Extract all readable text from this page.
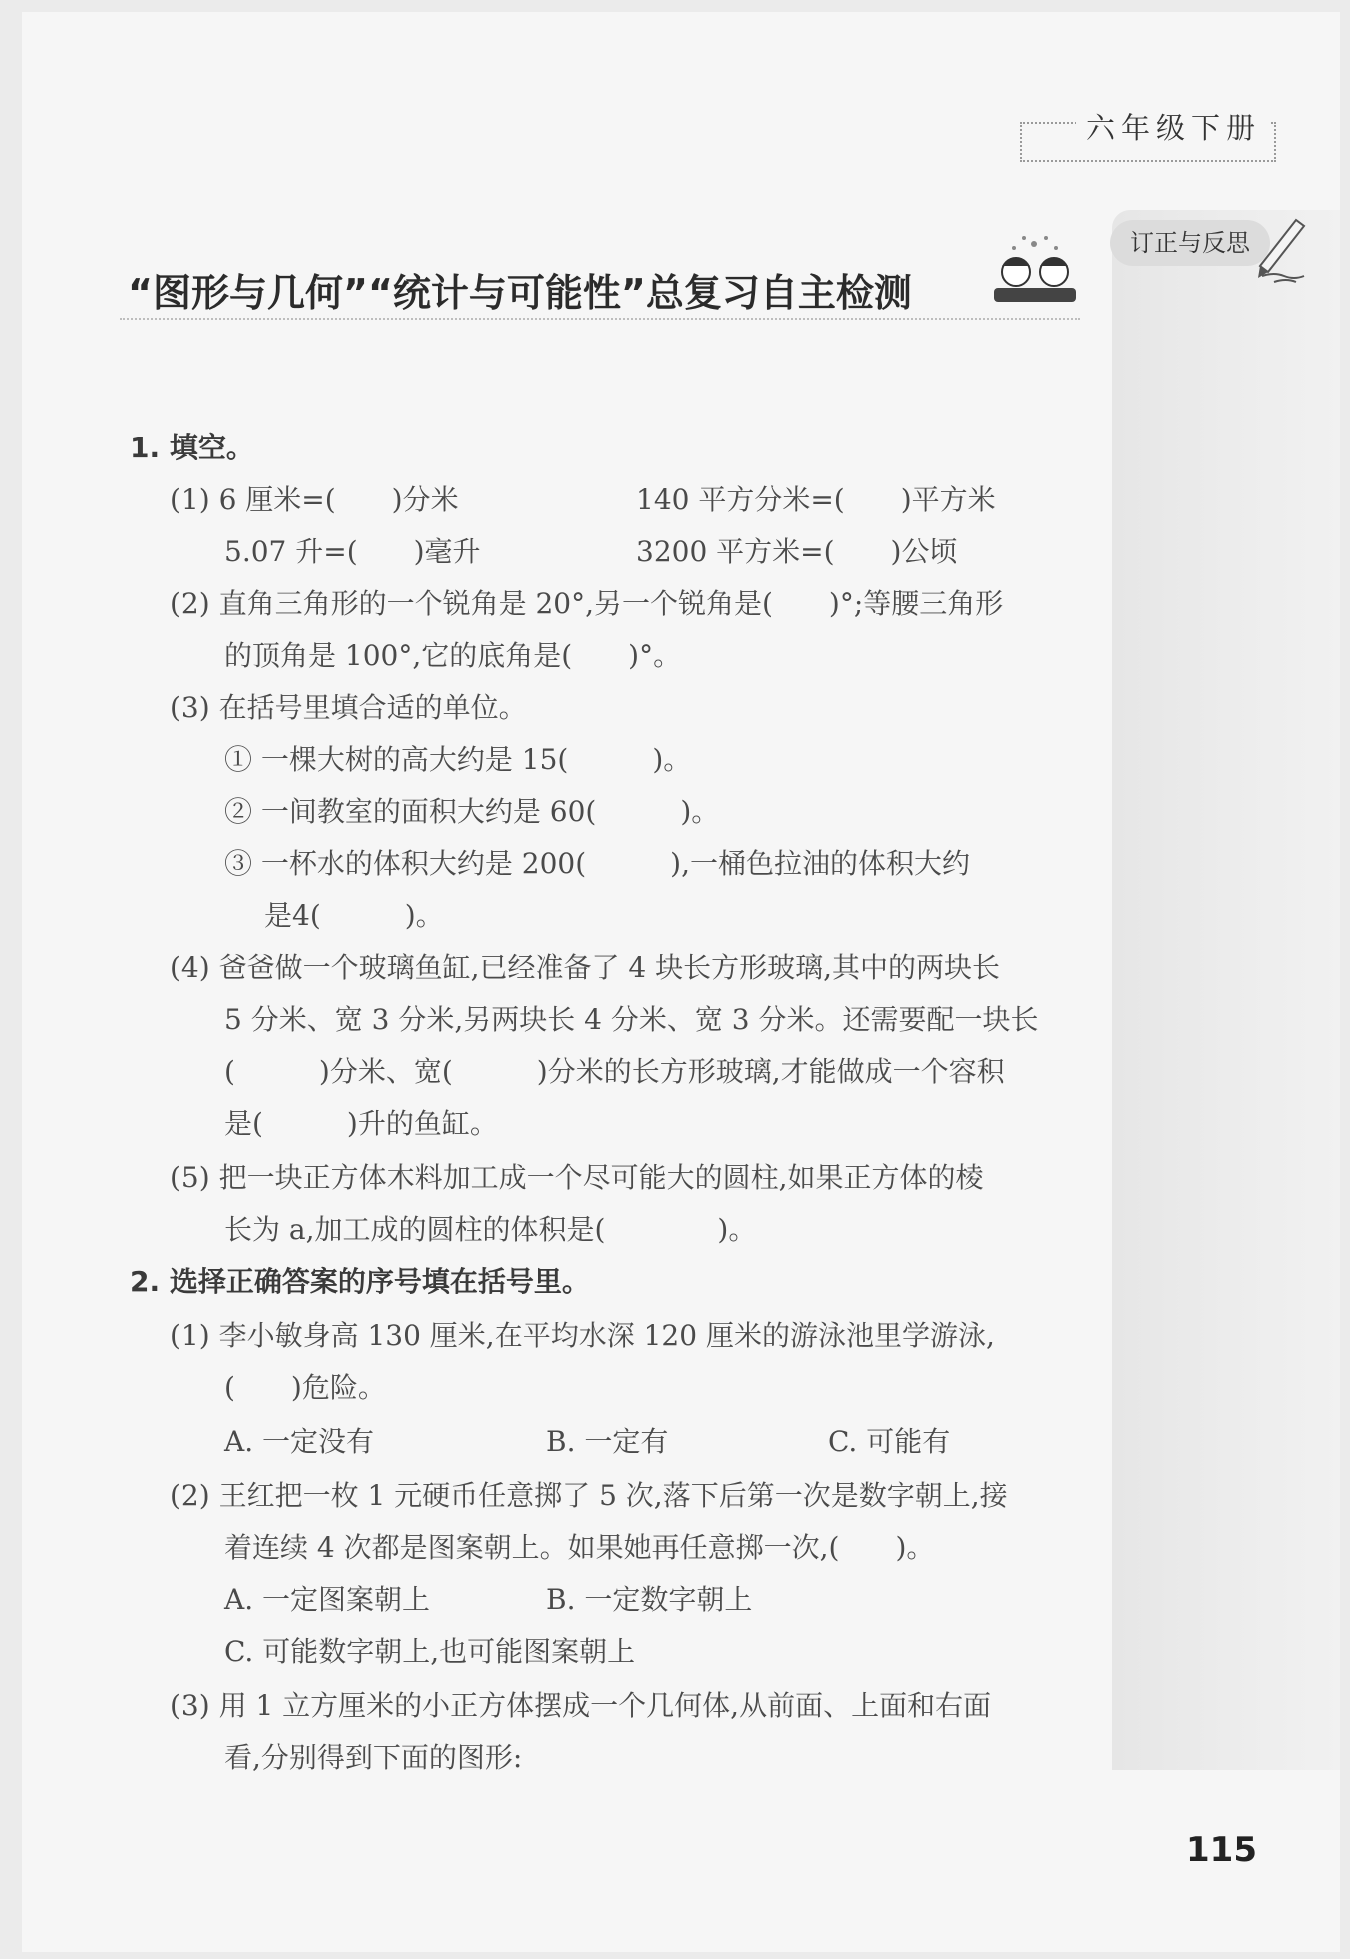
六年级下册
订正与反思
“图形与几何”“统计与可能性”总复习自主检测
1. 填空。
(1) 6 厘米=(　　)分米	140 平方分米=(　　)平方米
5.07 升=(　　)毫升	3200 平方米=(　　)公顷
(2) 直角三角形的一个锐角是 20°,另一个锐角是(　　)°;等腰三角形
的顶角是 100°,它的底角是(　　)°。
(3) 在括号里填合适的单位。
① 一棵大树的高大约是 15(　　　)。
② 一间教室的面积大约是 60(　　　)。
③ 一杯水的体积大约是 200(　　　),一桶色拉油的体积大约
是4(　　　)。
(4) 爸爸做一个玻璃鱼缸,已经准备了 4 块长方形玻璃,其中的两块长
5 分米、宽 3 分米,另两块长 4 分米、宽 3 分米。还需要配一块长
(　　　)分米、宽(　　　)分米的长方形玻璃,才能做成一个容积
是(　　　)升的鱼缸。
(5) 把一块正方体木料加工成一个尽可能大的圆柱,如果正方体的棱
长为 a,加工成的圆柱的体积是(　　　　)。
2. 选择正确答案的序号填在括号里。
(1) 李小敏身高 130 厘米,在平均水深 120 厘米的游泳池里学游泳,
(　　)危险。
A. 一定没有	B. 一定有	C. 可能有
(2) 王红把一枚 1 元硬币任意掷了 5 次,落下后第一次是数字朝上,接
着连续 4 次都是图案朝上。如果她再任意掷一次,(　　)。
A. 一定图案朝上	B. 一定数字朝上
C. 可能数字朝上,也可能图案朝上
(3) 用 1 立方厘米的小正方体摆成一个几何体,从前面、上面和右面
看,分别得到下面的图形:
115
